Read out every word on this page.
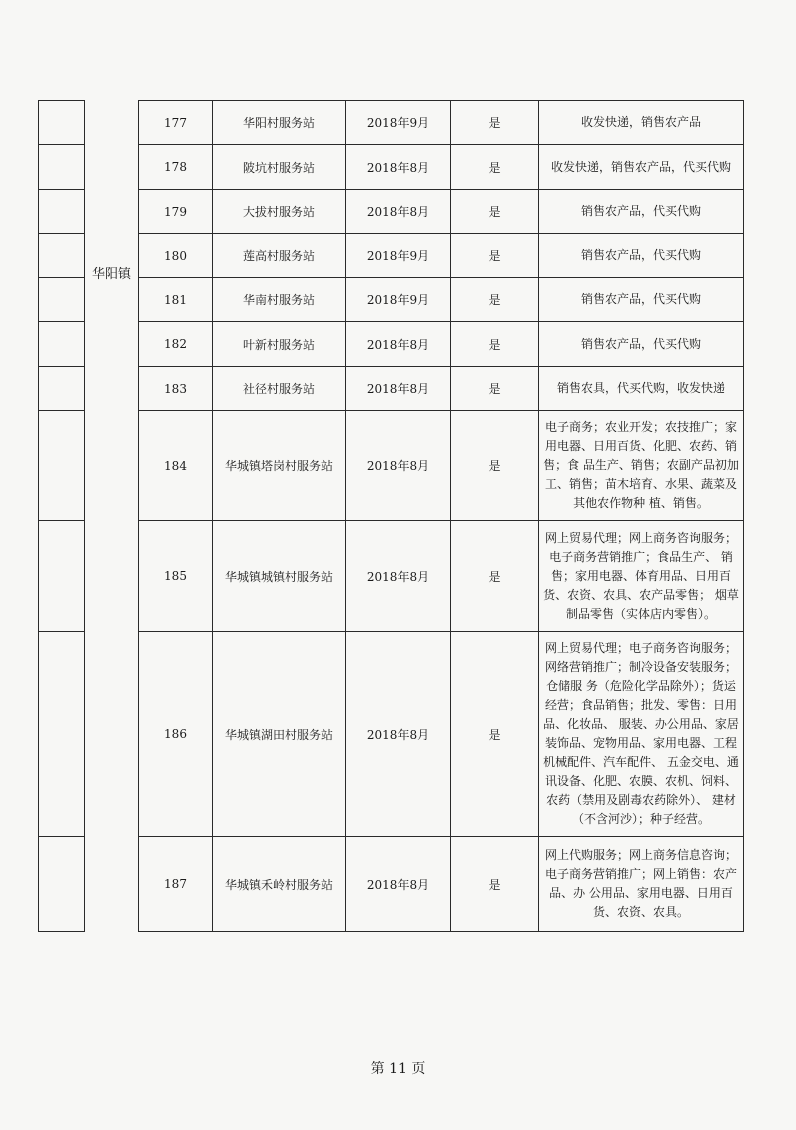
	华阳镇	177	华阳村服务站	2018年9月	是	收发快递，销售农产品
		178	陂坑村服务站	2018年8月	是	收发快递，销售农产品，代买代购
		179	大拔村服务站	2018年8月	是	销售农产品，代买代购
		180	莲高村服务站	2018年9月	是	销售农产品，代买代购
		181	华南村服务站	2018年9月	是	销售农产品，代买代购
		182	叶新村服务站	2018年8月	是	销售农产品，代买代购
		183	社径村服务站	2018年8月	是	销售农具，代买代购，收发快递
		184	华城镇塔岗村服务站	2018年8月	是	电子商务；农业开发；农技推广；家用电器、日用百货、化肥、农药、销售；食 品生产、销售；农副产品初加工、销售；苗木培育、水果、蔬菜及其他农作物种 植、销售。
		185	华城镇城镇村服务站	2018年8月	是	网上贸易代理；网上商务咨询服务；电子商务营销推广；食品生产、 销售；家用电器、体育用品、日用百货、农资、农具、农产品零售； 烟草制品零售（实体店内零售）。
		186	华城镇湖田村服务站	2018年8月	是	网上贸易代理；电子商务咨询服务；网络营销推广；制冷设备安装服务；仓储服 务（危险化学品除外）；货运经营；食品销售；批发、零售：日用品、化妆品、 服装、办公用品、家居装饰品、宠物用品、家用电器、工程机械配件、汽车配件、 五金交电、通讯设备、化肥、农膜、农机、饲料、农药（禁用及剧毒农药除外）、 建材（不含河沙）；种子经营。
		187	华城镇禾岭村服务站	2018年8月	是	网上代购服务；网上商务信息咨询；电子商务营销推广；网上销售：农产品、办 公用品、家用电器、日用百货、农资、农具。
第 11 页
